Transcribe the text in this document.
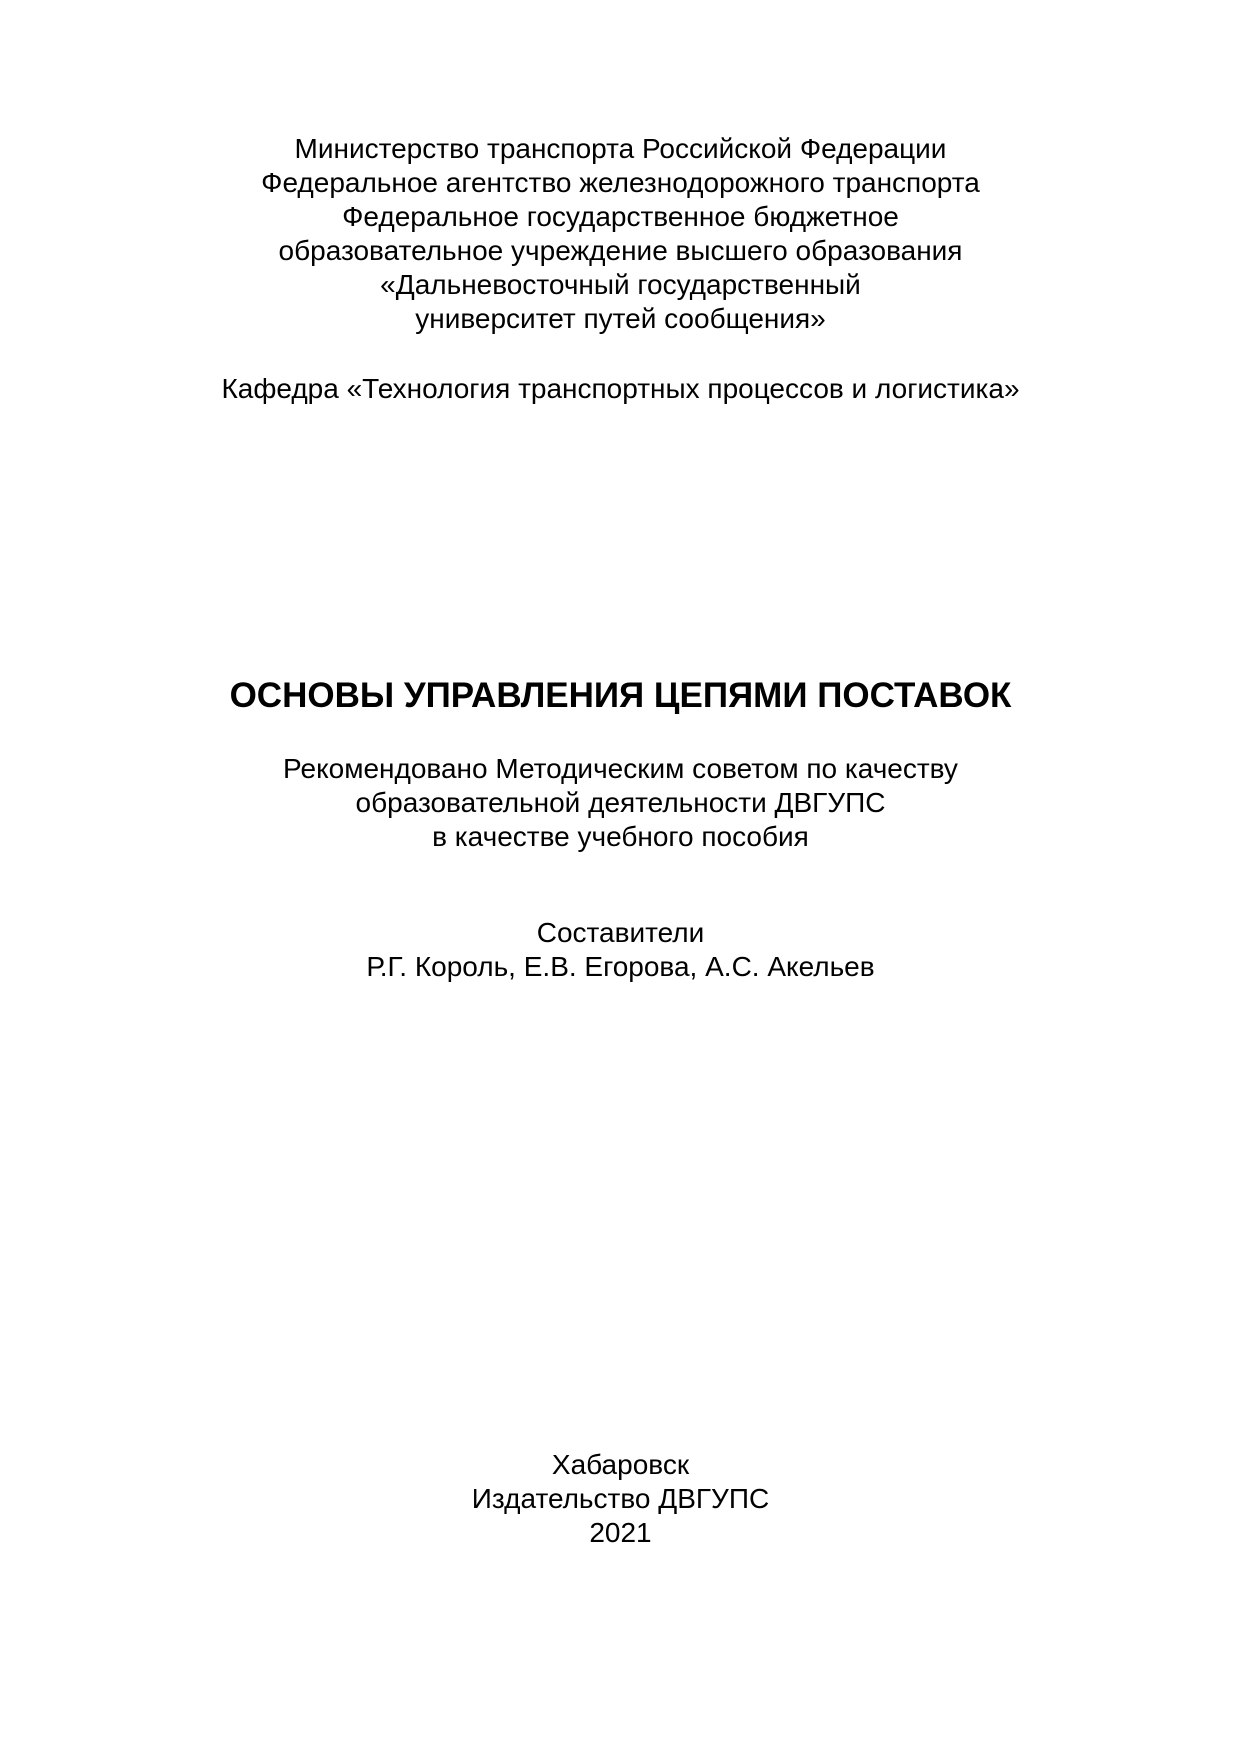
Министерство транспорта Российской Федерации
Федеральное агентство железнодорожного транспорта
Федеральное государственное бюджетное
образовательное учреждение высшего образования
«Дальневосточный государственный
университет путей сообщения»
Кафедра «Технология транспортных процессов и логистика»
ОСНОВЫ УПРАВЛЕНИЯ ЦЕПЯМИ ПОСТАВОК
Рекомендовано Методическим советом по качеству
образовательной деятельности ДВГУПС
в качестве учебного пособия
Составители
Р.Г. Король, Е.В. Егорова, А.С. Акельев
Хабаровск
Издательство ДВГУПС
2021
